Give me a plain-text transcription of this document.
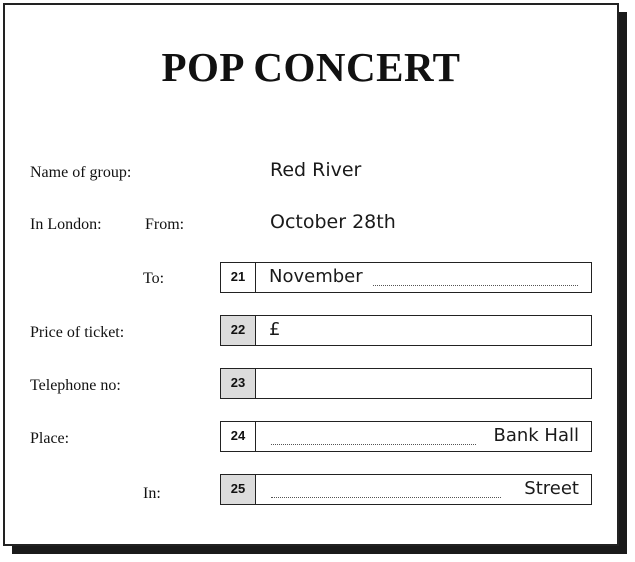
POP CONCERT
Name of group:	Red River
In London:	From:	October 28th
To:	21	November
Price of ticket:	22	£
Telephone no:	23
Place:	24	Bank Hall
In:	25	Street
